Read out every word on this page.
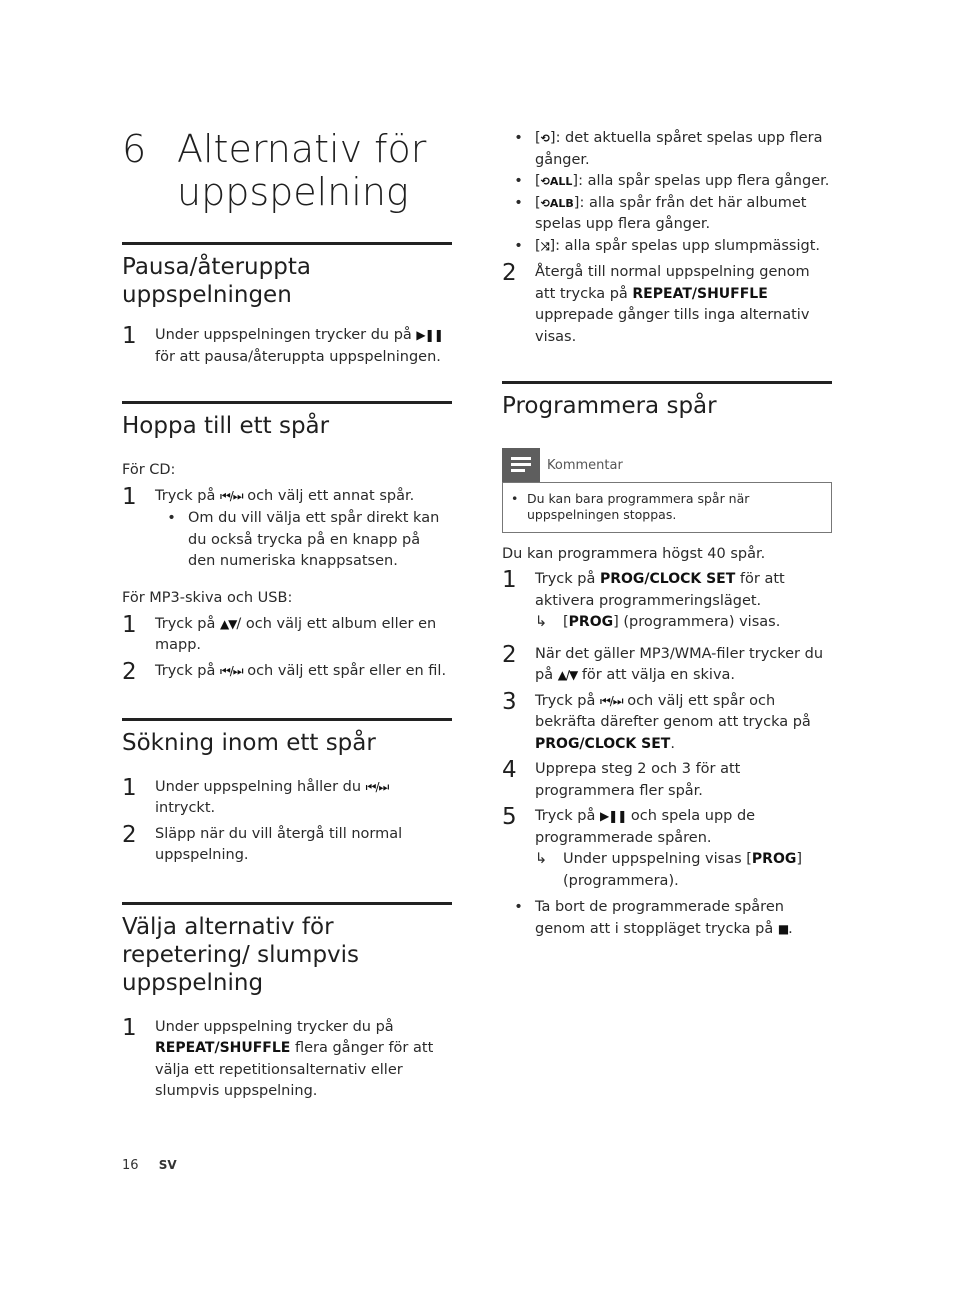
6 Alternativ för uppspelning
Pausa/återuppta uppspelningen
1	Under uppspelningen trycker du på ▶❚❚
för att pausa/återuppta uppspelningen.
Hoppa till ett spår
För CD:
1	Tryck på ⏮/⏭ och välj ett annat spår.
• Om du vill välja ett spår direkt kan du också trycka på en knapp på den numeriska knappsatsen.
För MP3-skiva och USB:
1	Tryck på ▲▼/ och välj ett album eller en mapp.
2	Tryck på ⏮/⏭ och välj ett spår eller en fil.
Sökning inom ett spår
1	Under uppspelning håller du ⏮/⏭
intryckt.
2	Släpp när du vill återgå till normal uppspelning.
Välja alternativ för repetering/ slumpvis uppspelning
1	Under uppspelning trycker du på REPEAT/SHUFFLE flera gånger för att välja ett repetitionsalternativ eller slumpvis uppspelning.
• [⟲]: det aktuella spåret spelas upp flera gånger.
• [⟲ALL]: alla spår spelas upp flera gånger.
• [⟲ALB]: alla spår från det här albumet spelas upp flera gånger.
• [⤨]: alla spår spelas upp slumpmässigt.
2	Återgå till normal uppspelning genom att trycka på REPEAT/SHUFFLE upprepade gånger tills inga alternativ visas.
Programmera spår
Kommentar
• Du kan bara programmera spår när uppspelningen stoppas.
Du kan programmera högst 40 spår.
1	Tryck på PROG/CLOCK SET för att aktivera programmeringsläget.
↳	[PROG] (programmera) visas.
2	När det gäller MP3/WMA-filer trycker du på ▲/▼ för att välja en skiva.
3	Tryck på ⏮/⏭ och välj ett spår och bekräfta därefter genom att trycka på PROG/CLOCK SET.
4	Upprepa steg 2 och 3 för att programmera fler spår.
5	Tryck på ▶❚❚ och spela upp de programmerade spåren.
↳	Under uppspelning visas [PROG] (programmera).
• Ta bort de programmerade spåren genom att i stoppläget trycka på ■.
16 SV
